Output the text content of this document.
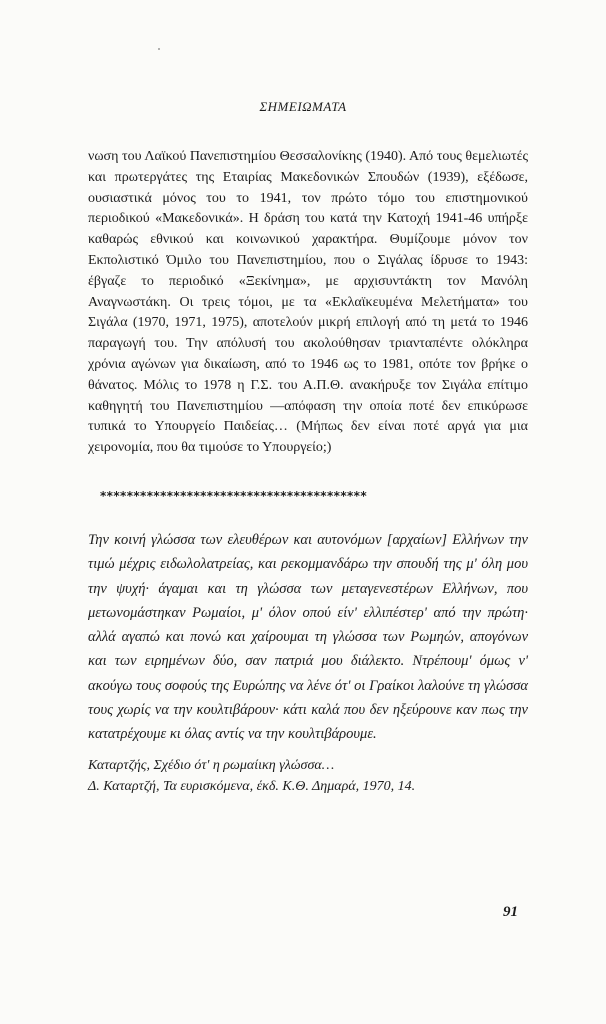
ΣΗΜΕΙΩΜΑΤΑ

νωση του Λαϊκού Πανεπιστημίου Θεσσαλονίκης (1940). Από τους θεμελιωτές και πρωτεργάτες της Εταιρίας Μακεδονικών Σπουδών (1939), εξέδωσε, ουσιαστικά μόνος του το 1941, τον πρώτο τόμο του επιστημονικού περιοδικού «Μακεδονικά». Η δράση του κατά την Κατοχή 1941-46 υπήρξε καθαρώς εθνικού και κοινωνικού χαρακτήρα. Θυμίζουμε μόνον τον Εκπολιστικό Όμιλο του Πανεπιστημίου, που ο Σιγάλας ίδρυσε το 1943: έβγαζε το περιοδικό «Ξεκίνημα», με αρχισυντάκτη τον Μανόλη Αναγνωστάκη. Οι τρεις τόμοι, με τα «Εκλαϊκευμένα Μελετήματα» του Σιγάλα (1970, 1971, 1975), αποτελούν μικρή επιλογή από τη μετά το 1946 παραγωγή του. Την απόλυσή του ακολούθησαν τριανταπέντε ολόκληρα χρόνια αγώνων για δικαίωση, από το 1946 ως το 1981, οπότε τον βρήκε ο θάνατος. Μόλις το 1978 η Γ.Σ. του Α.Π.Θ. ανακήρυξε τον Σιγάλα επίτιμο καθηγητή του Πανεπιστημίου —απόφαση την οποία ποτέ δεν επικύρωσε τυπικά το Υπουργείο Παιδείας… (Μήπως δεν είναι ποτέ αργά για μια χειρονομία, που θα τιμούσε το Υπουργείο;)

****************************************

Την κοινή γλώσσα των ελευθέρων και αυτονόμων [αρχαίων] Ελλήνων την τιμώ μέχρις ειδωλολατρείας, και ρεκομμανδάρω την σπουδή της μ' όλη μου την ψυχή· άγαμαι και τη γλώσσα των μεταγενεστέρων Ελλήνων, που μετωνομάστηκαν Ρωμαίοι, μ' όλον οπού είν' ελλιπέστερ' από την πρώτη· αλλά αγαπώ και πονώ και χαίρουμαι τη γλώσσα των Ρωμηών, απογόνων και των ειρημένων δύο, σαν πατριά μου διάλεκτο. Ντρέπουμ' όμως ν' ακούγω τους σοφούς της Ευρώπης να λένε ότ' οι Γραίκοι λαλούνε τη γλώσσα τους χωρίς να την κουλτιβάρουν· κάτι καλά που δεν ηξεύρουνε καν πως την κατατρέχουμε κι όλας αντίς να την κουλτιβάρουμε.

Καταρτζής, Σχέδιο ότ' η ρωμαίικη γλώσσα…
Δ. Καταρτζή, Τα ευρισκόμενα, έκδ. Κ.Θ. Δημαρά, 1970, 14.
91
